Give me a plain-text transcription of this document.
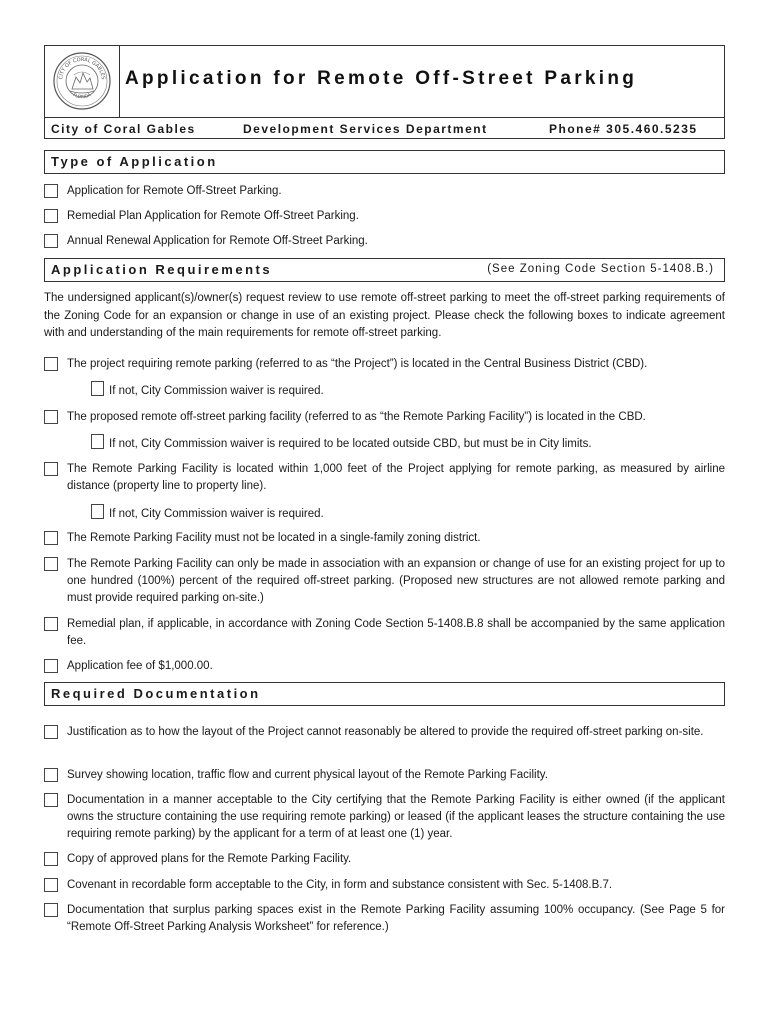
CITY OF CORAL GABLES
FLORIDA
Application for Remote Off-Street Parking
City of Coral Gables	Development Services Department	Phone# 305.460.5235
Type of Application
Application for Remote Off-Street Parking.
Remedial Plan Application for Remote Off-Street Parking.
Annual Renewal Application for Remote Off-Street Parking.
Application Requirements	(See Zoning Code Section 5-1408.B.)
The undersigned applicant(s)/owner(s) request review to use remote off-street parking to meet the off-street parking requirements of the Zoning Code for an expansion or change in use of an existing project. Please check the following boxes to indicate agreement with and understanding of the main requirements for remote off-street parking.
The project requiring remote parking (referred to as “the Project”) is located in the Central Business District (CBD).
If not, City Commission waiver is required.
The proposed remote off-street parking facility (referred to as “the Remote Parking Facility”) is located in the CBD.
If not, City Commission waiver is required to be located outside CBD, but must be in City limits.
The Remote Parking Facility is located within 1,000 feet of the Project applying for remote parking, as measured by airline distance (property line to property line).
If not, City Commission waiver is required.
The Remote Parking Facility must not be located in a single-family zoning district.
The Remote Parking Facility can only be made in association with an expansion or change of use for an existing project for up to one hundred (100%) percent of the required off-street parking. (Proposed new structures are not allowed remote parking and must provide required parking on-site.)
Remedial plan, if applicable, in accordance with Zoning Code Section 5-1408.B.8 shall be accompanied by the same application fee.
Application fee of $1,000.00.
Required Documentation
Justification as to how the layout of the Project cannot reasonably be altered to provide the required off-street parking on-site.
Survey showing location, traffic flow and current physical layout of the Remote Parking Facility.
Documentation in a manner acceptable to the City certifying that the Remote Parking Facility is either owned (if the applicant owns the structure containing the use requiring remote parking) or leased (if the applicant leases the structure containing the use requiring remote parking) by the applicant for a term of at least one (1) year.
Copy of approved plans for the Remote Parking Facility.
Covenant in recordable form acceptable to the City, in form and substance consistent with Sec. 5-1408.B.7.
Documentation that surplus parking spaces exist in the Remote Parking Facility assuming 100% occupancy. (See Page 5 for “Remote Off-Street Parking Analysis Worksheet” for reference.)
